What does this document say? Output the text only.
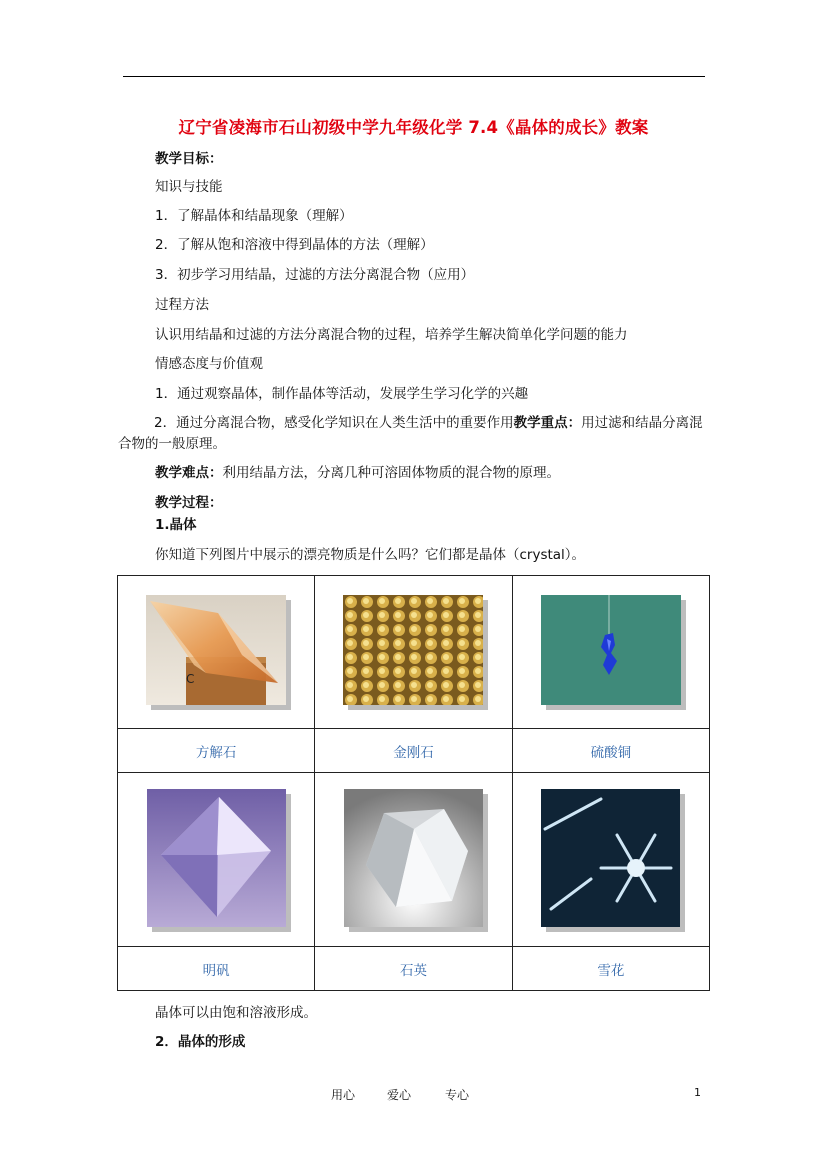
辽宁省凌海市石山初级中学九年级化学 7.4《晶体的成长》教案
教学目标：
知识与技能
1．了解晶体和结晶现象（理解）
2．了解从饱和溶液中得到晶体的方法（理解）
3．初步学习用结晶，过滤的方法分离混合物（应用）
过程方法
认识用结晶和过滤的方法分离混合物的过程，培养学生解决简单化学问题的能力
情感态度与价值观
1．通过观察晶体，制作晶体等活动，发展学生学习化学的兴趣
2．通过分离混合物，感受化学知识在人类生活中的重要作用教学重点：用过滤和结晶分离混合物的一般原理。
教学难点：利用结晶方法，分离几种可溶固体物质的混合物的原理。
教学过程：
1.晶体
你知道下列图片中展示的漂亮物质是什么吗？它们都是晶体（crystal）。
C

方解石	金刚石	硫酸铜

明矾	石英	雪花
晶体可以由饱和溶液形成。
2．晶体的形成
用心	爱心	专心	1
